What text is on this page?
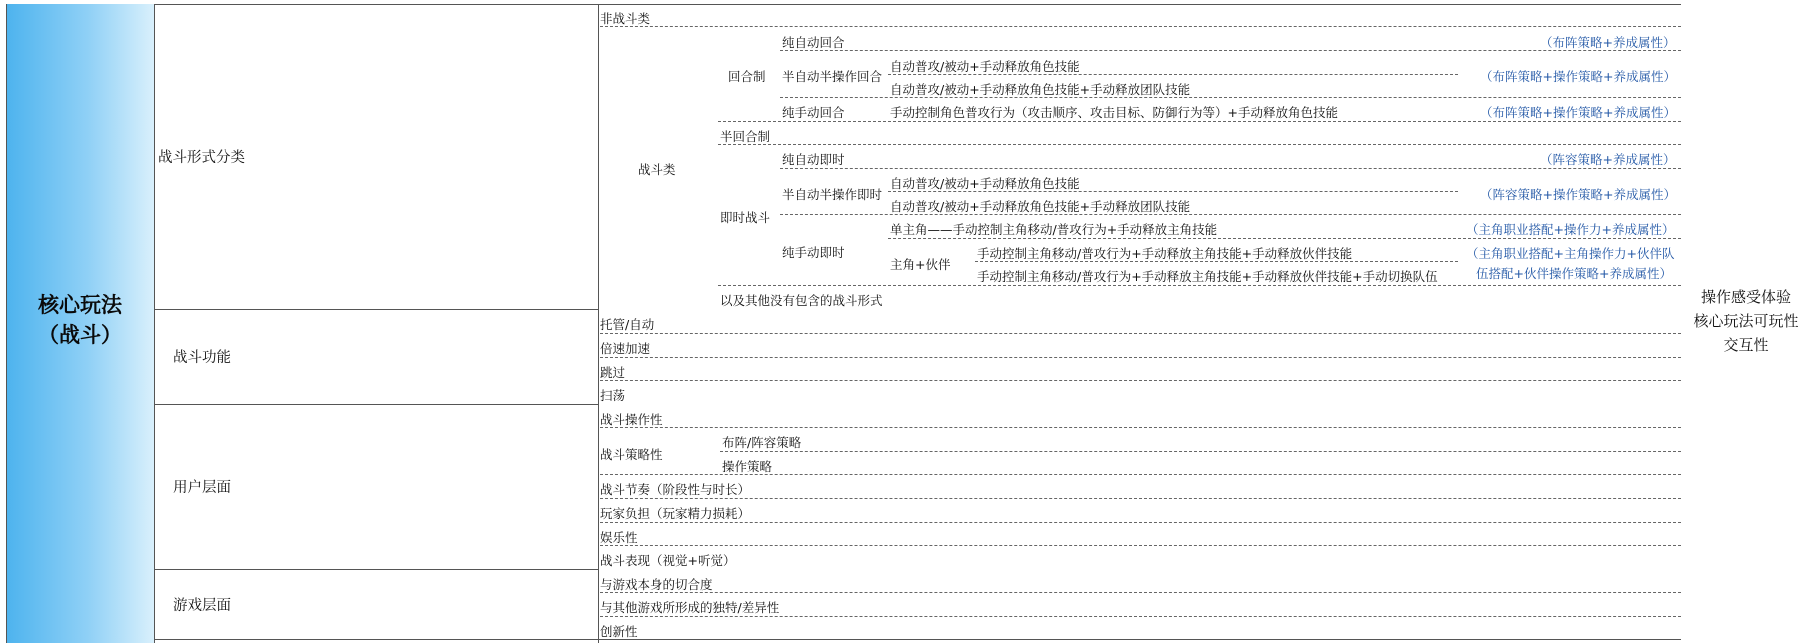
核心玩法
（战斗）
战斗形式分类
战斗功能
用户层面
游戏层面
非战斗类
战斗类
回合制
纯自动回合
半自动半操作回合
自动普攻/被动+手动释放角色技能
自动普攻/被动+手动释放角色技能+手动释放团队技能
纯手动回合	手动控制角色普攻行为（攻击顺序、攻击目标、防御行为等）+手动释放角色技能
半回合制
即时战斗
纯自动即时
半自动半操作即时
自动普攻/被动+手动释放角色技能
自动普攻/被动+手动释放角色技能+手动释放团队技能
纯手动即时
单主角——手动控制主角移动/普攻行为+手动释放主角技能
主角+伙伴
手动控制主角移动/普攻行为+手动释放主角技能+手动释放伙伴技能
手动控制主角移动/普攻行为+手动释放主角技能+手动释放伙伴技能+手动切换队伍
以及其他没有包含的战斗形式
（布阵策略+养成属性）
（布阵策略+操作策略+养成属性）
（布阵策略+操作策略+养成属性）
（阵容策略+养成属性）
（阵容策略+操作策略+养成属性）
（主角职业搭配+操作力+养成属性）
（主角职业搭配+主角操作力+伙伴队
伍搭配+伙伴操作策略+养成属性）
托管/自动
倍速加速
跳过
扫荡
战斗操作性
战斗策略性
布阵/阵容策略
操作策略
战斗节奏（阶段性与时长）
玩家负担（玩家精力损耗）
娱乐性
战斗表现（视觉+听觉）
与游戏本身的切合度
与其他游戏所形成的独特/差异性
创新性
操作感受体验
核心玩法可玩性
交互性
